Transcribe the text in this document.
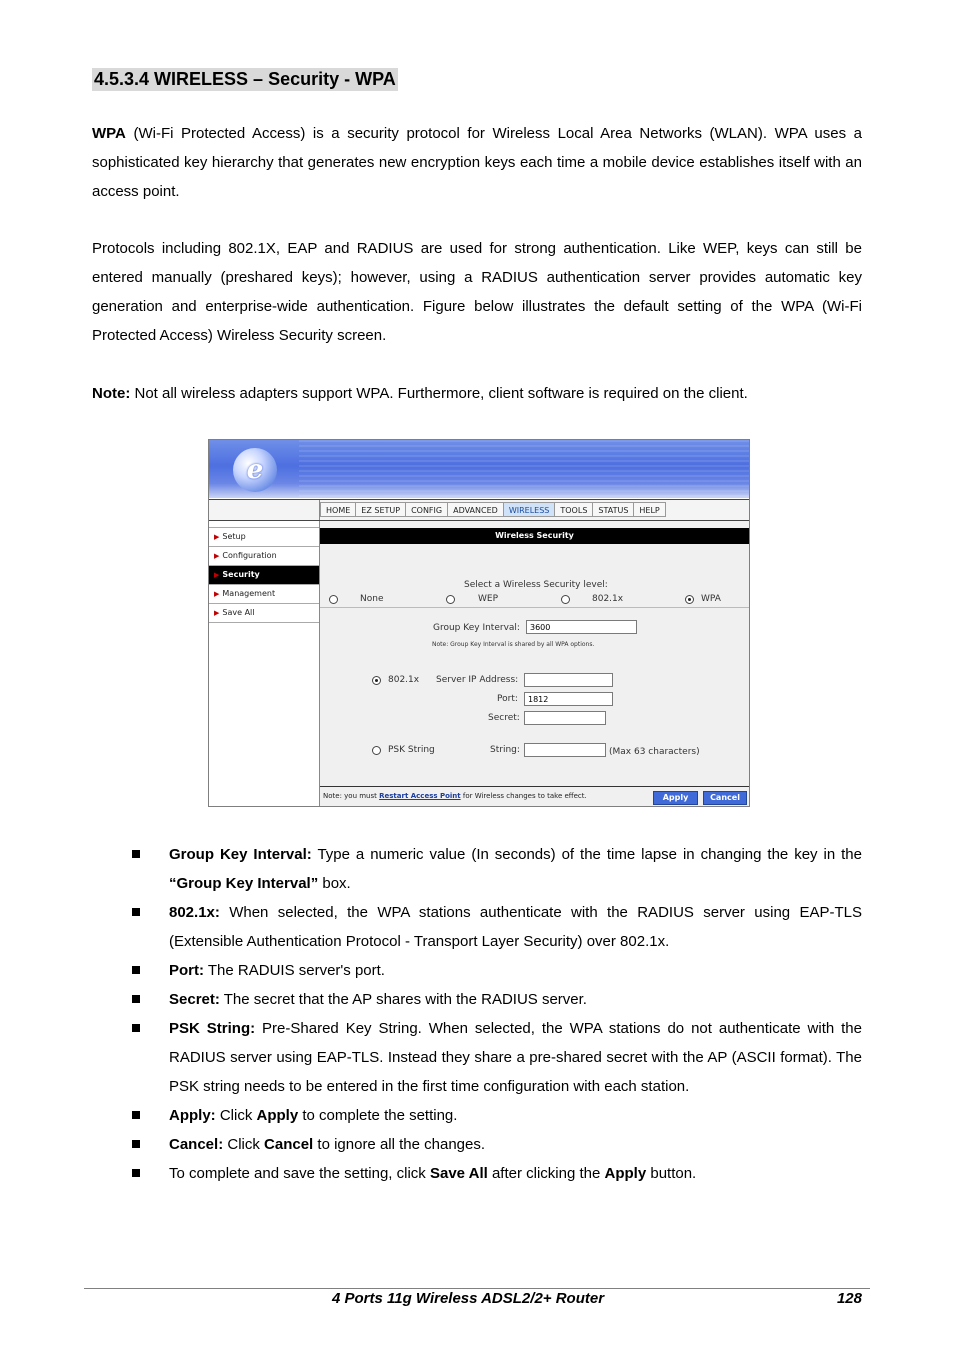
4.5.3.4 WIRELESS – Security - WPA

WPA (Wi-Fi Protected Access) is a security protocol for Wireless Local Area Networks (WLAN). WPA uses a sophisticated key hierarchy that generates new encryption keys each time a mobile device establishes itself with an access point.

Protocols including 802.1X, EAP and RADIUS are used for strong authentication. Like WEP, keys can still be entered manually (preshared keys); however, using a RADIUS authentication server provides automatic key generation and enterprise-wide authentication. Figure below illustrates the default setting of the WPA (Wi-Fi Protected Access) Wireless Security screen.

Note: Not all wireless adapters support WPA. Furthermore, client software is required on the client.

e
HOME	EZ SETUP	CONFIG	ADVANCED	WIRELESS	TOOLS	STATUS	HELP
▶ Setup
▶ Configuration
▶ Security
▶ Management
▶ Save All
Wireless Security
Select a Wireless Security level:
None	WEP	802.1x	WPA
Group Key Interval:	3600
Note: Group Key Interval is shared by all WPA options.
802.1x Server IP Address:
Port:	1812
Secret:
PSK String	String:	(Max 63 characters)
Note: you must Restart Access Point for Wireless changes to take effect.	Apply	Cancel
Group Key Interval: Type a numeric value (In seconds) of the time lapse in changing the key in the “Group Key Interval” box.
802.1x: When selected, the WPA stations authenticate with the RADIUS server using EAP-TLS (Extensible Authentication Protocol - Transport Layer Security) over 802.1x.
Port: The RADUIS server's port.
Secret: The secret that the AP shares with the RADIUS server.
PSK String: Pre-Shared Key String. When selected, the WPA stations do not authenticate with the RADIUS server using EAP-TLS. Instead they share a pre-shared secret with the AP (ASCII format). The PSK string needs to be entered in the first time configuration with each station.
Apply: Click Apply to complete the setting.
Cancel: Click Cancel to ignore all the changes.
To complete and save the setting, click Save All after clicking the Apply button.
4 Ports 11g Wireless ADSL2/2+ Router	128
